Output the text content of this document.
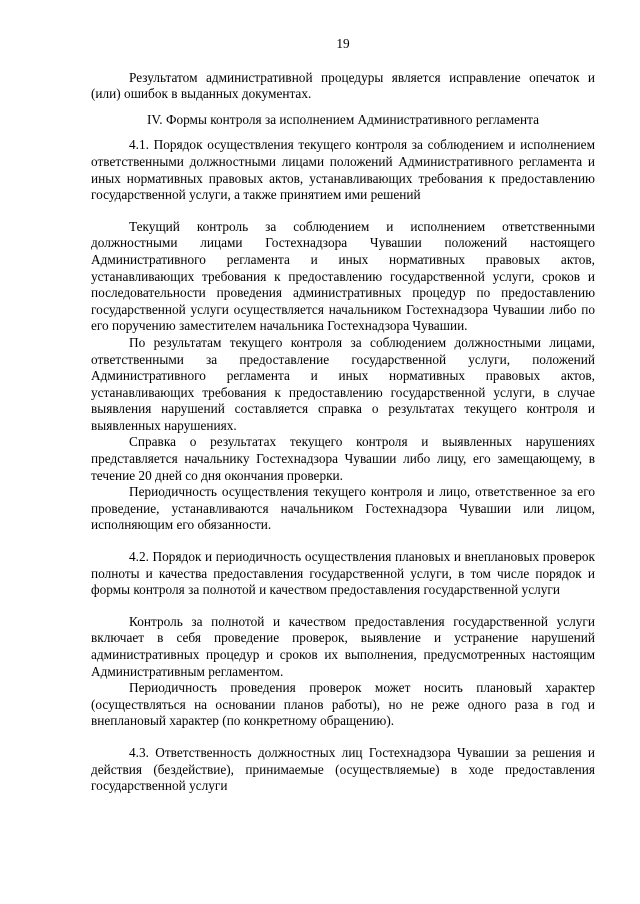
19

Результатом административной процедуры является исправление опечаток и (или) ошибок в выданных документах.

IV. Формы контроля за исполнением Административного регламента

4.1. Порядок осуществления текущего контроля за соблюдением и исполнением ответственными должностными лицами положений Административного регламента и иных нормативных правовых актов, устанавливающих требования к предоставлению государственной услуги, а также принятием ими решений

Текущий контроль за соблюдением и исполнением ответственными должностными лицами Гостехнадзора Чувашии положений настоящего Административного регламента и иных нормативных правовых актов, устанавливающих требования к предоставлению государственной услуги, сроков и последовательности проведения административных процедур по предоставлению государственной услуги осуществляется начальником Гостехнадзора Чувашии либо по его поручению заместителем начальника Гостехнадзора Чувашии.

По результатам текущего контроля за соблюдением должностными лицами, ответственными за предоставление государственной услуги, положений Административного регламента и иных нормативных правовых актов, устанавливающих требования к предоставлению государственной услуги, в случае выявления нарушений составляется справка о результатах текущего контроля и выявленных нарушениях.

Справка о результатах текущего контроля и выявленных нарушениях представляется начальнику Гостехнадзора Чувашии либо лицу, его замещающему, в течение 20 дней со дня окончания проверки.

Периодичность осуществления текущего контроля и лицо, ответственное за его проведение, устанавливаются начальником Гостехнадзора Чувашии или лицом, исполняющим его обязанности.

4.2. Порядок и периодичность осуществления плановых и внеплановых проверок полноты и качества предоставления государственной услуги, в том числе порядок и формы контроля за полнотой и качеством предоставления государственной услуги

Контроль за полнотой и качеством предоставления государственной услуги включает в себя проведение проверок, выявление и устранение нарушений административных процедур и сроков их выполнения, предусмотренных настоящим Административным регламентом.

Периодичность проведения проверок может носить плановый характер (осуществляться на основании планов работы), но не реже одного раза в год и внеплановый характер (по конкретному обращению).

4.3. Ответственность должностных лиц Гостехнадзора Чувашии за решения и действия (бездействие), принимаемые (осуществляемые) в ходе предоставления государственной услуги
